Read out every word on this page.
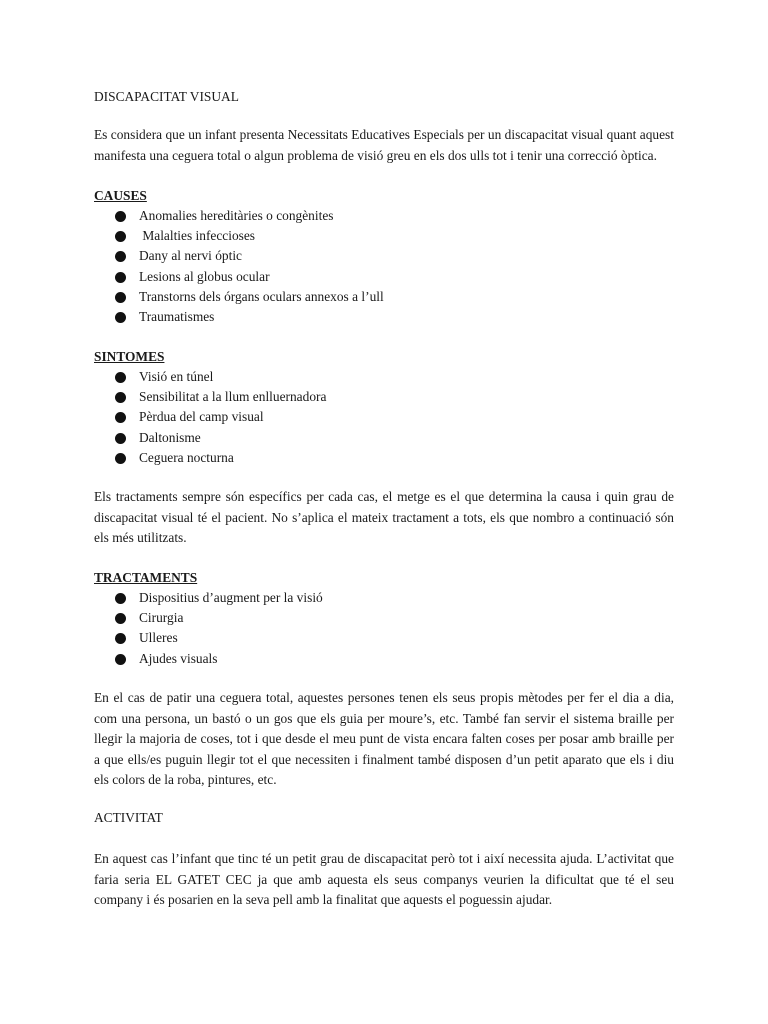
DISCAPACITAT VISUAL
Es considera que un infant presenta Necessitats Educatives Especials per un discapacitat visual quant aquest manifesta una ceguera total o algun problema de visió greu en els dos ulls tot i tenir una correcció òptica.
CAUSES
Anomalies hereditàries o congènites
Malalties infeccioses
Dany al nervi óptic
Lesions al globus ocular
Transtorns dels órgans oculars annexos a l’ull
Traumatismes
SINTOMES
Visió en túnel
Sensibilitat a la llum enlluernadora
Pèrdua del camp visual
Daltonisme
Ceguera nocturna
Els tractaments sempre són específics per cada cas, el metge es el que determina la causa i quin grau de discapacitat visual té el pacient. No s’aplica el mateix tractament a tots, els que nombro a continuació són els més utilitzats.
TRACTAMENTS
Dispositius d’augment per la visió
Cirurgia
Ulleres
Ajudes visuals
En el cas de patir una ceguera total, aquestes persones tenen els seus propis mètodes per fer el dia a dia, com una persona, un bastó o un gos que els guia per moure’s, etc. També fan servir el sistema braille per llegir la majoria de coses, tot i que desde el meu punt de vista encara falten coses per posar amb braille per a que ells/es puguin llegir tot el que necessiten i finalment també disposen d’un petit aparato que els i diu els colors de la roba, pintures, etc.
ACTIVITAT
En aquest cas l’infant que tinc té un petit grau de discapacitat però tot i així necessita ajuda. L’activitat que faria seria EL GATET CEC ja que amb aquesta els seus companys veurien la dificultat que té el seu company i és posarien en la seva pell amb la finalitat que aquests el poguessin ajudar.
